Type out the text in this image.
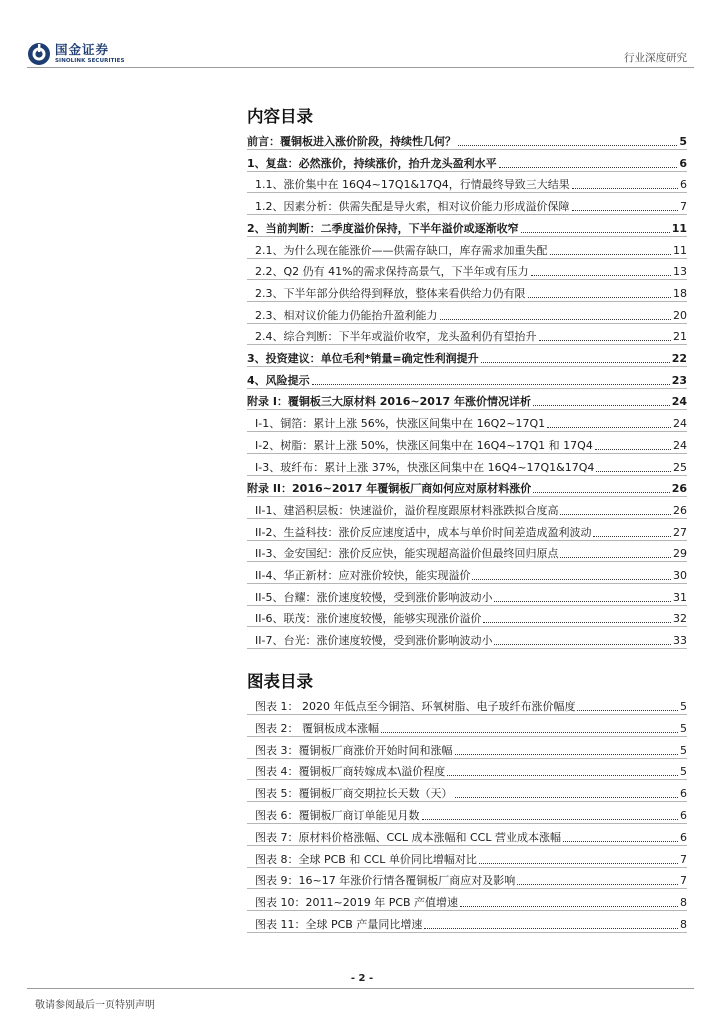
国金证券
SINOLINK SECURITIES	行业深度研究
内容目录
前言：覆铜板进入涨价阶段，持续性几何？	5
1、复盘：必然涨价，持续涨价，抬升龙头盈利水平	6
1.1、涨价集中在 16Q4~17Q1&17Q4，行情最终导致三大结果	6
1.2、因素分析：供需失配是导火索，相对议价能力形成溢价保障	7
2、当前判断：二季度溢价保持，下半年溢价或逐渐收窄	11
2.1、为什么现在能涨价——供需存缺口，库存需求加重失配	11
2.2、Q2 仍有 41%的需求保持高景气，下半年或有压力	13
2.3、下半年部分供给得到释放，整体来看供给力仍有限	18
2.3、相对议价能力仍能抬升盈利能力	20
2.4、综合判断：下半年或溢价收窄，龙头盈利仍有望抬升	21
3、投资建议：单位毛利*销量=确定性利润提升	22
4、风险提示	23
附录 I：覆铜板三大原材料 2016~2017 年涨价情况详析	24
I-1、铜箔：累计上涨 56%，快涨区间集中在 16Q2~17Q1	24
I-2、树脂：累计上涨 50%，快涨区间集中在 16Q4~17Q1 和 17Q4	24
I-3、玻纤布：累计上涨 37%，快涨区间集中在 16Q4~17Q1&17Q4	25
附录 II：2016~2017 年覆铜板厂商如何应对原材料涨价	26
II-1、建滔积层板：快速溢价，溢价程度跟原材料涨跌拟合度高	26
II-2、生益科技：涨价反应速度适中，成本与单价时间差造成盈利波动	27
II-3、金安国纪：涨价反应快，能实现超高溢价但最终回归原点	29
II-4、华正新材：应对涨价较快，能实现溢价	30
II-5、台耀：涨价速度较慢，受到涨价影响波动小	31
II-6、联茂：涨价速度较慢，能够实现涨价溢价	32
II-7、台光：涨价速度较慢，受到涨价影响波动小	33
图表目录
图表 1： 2020 年低点至今铜箔、环氧树脂、电子玻纤布涨价幅度	5
图表 2： 覆铜板成本涨幅	5
图表 3：覆铜板厂商涨价开始时间和涨幅	5
图表 4：覆铜板厂商转嫁成本\溢价程度	5
图表 5：覆铜板厂商交期拉长天数（天）	6
图表 6：覆铜板厂商订单能见月数	6
图表 7：原材料价格涨幅、CCL 成本涨幅和 CCL 营业成本涨幅	6
图表 8：全球 PCB 和 CCL 单价同比增幅对比	7
图表 9：16~17 年涨价行情各覆铜板厂商应对及影响	7
图表 10：2011~2019 年 PCB 产值增速	8
图表 11：全球 PCB 产量同比增速	8
- 2 -
敬请参阅最后一页特别声明
